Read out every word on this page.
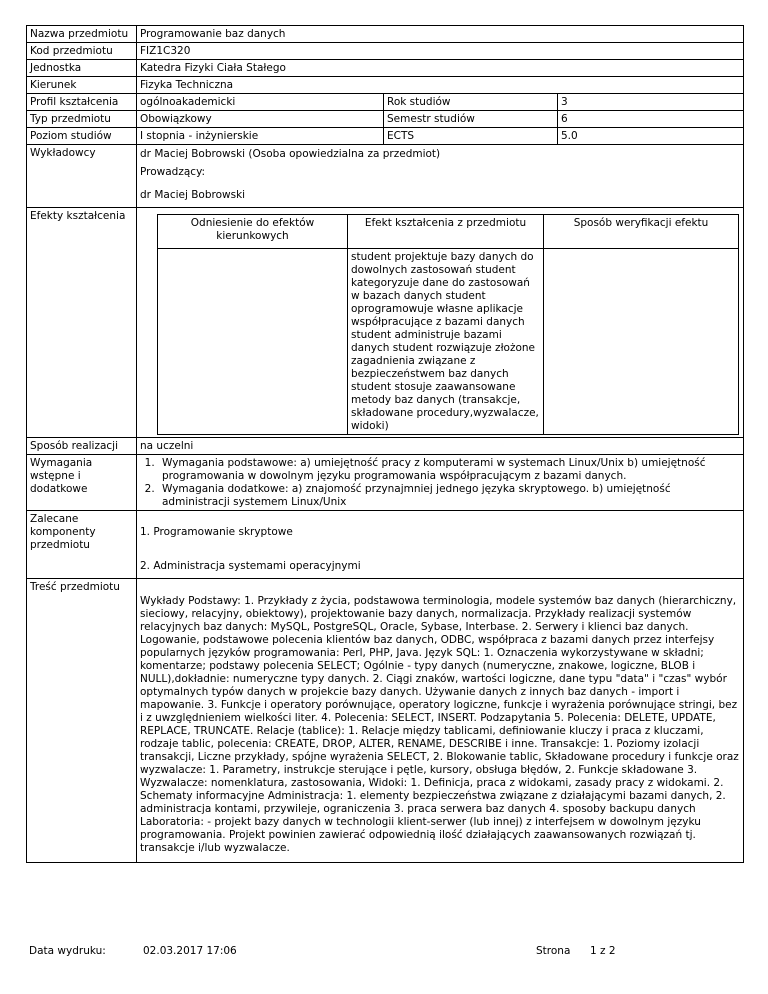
Nazwa przedmiotu	Programowanie baz danych
Kod przedmiotu	FIZ1C320
Jednostka	Katedra Fizyki Ciała Stałego
Kierunek	Fizyka Techniczna
Profil kształcenia	ogólnoakademicki	Rok studiów	3
Typ przedmiotu	Obowiązkowy	Semestr studiów	6
Poziom studiów	I stopnia - inżynierskie	ECTS	5.0
Wykładowcy	dr Maciej Bobrowski (Osoba opowiedzialna za przedmiot)
Prowadzący:
dr Maciej Bobrowski

Efekty kształcenia	
Odniesienie do efektów kierunkowych	Efekt kształcenia z przedmiotu	Sposób weryfikacji efektu
	student projektuje bazy danych do dowolnych zastosowań student kategoryzuje dane do zastosowań w bazach danych student oprogramowuje własne aplikacje współpracujące z bazami danych student administruje bazami danych student rozwiązuje złożone zagadnienia związane z bezpieczeństwem baz danych student stosuje zaawansowane metody baz danych (transakcje, składowane procedury,wyzwalacze, widoki)	

Sposób realizacji	na uczelni
Wymagania wstępne i dodatkowe	
1. Wymagania podstawowe: a) umiejętność pracy z komputerami w systemach Linux/Unix b) umiejętność programowania w dowolnym języku programowania współpracującym z bazami danych.
2. Wymagania dodatkowe: a) znajomość przynajmniej jednego języka skryptowego. b) umiejętność administracji systemem Linux/Unix

Zalecane komponenty przedmiotu	
1. Programowanie skryptowe
2. Administracja systemami operacyjnymi

Treść przedmiotu	
Wykłady Podstawy: 1. Przykłady z życia, podstawowa terminologia, modele systemów baz danych (hierarchiczny, sieciowy, relacyjny, obiektowy), projektowanie bazy danych, normalizacja. Przykłady realizacji systemów relacyjnych baz danych: MySQL, PostgreSQL, Oracle, Sybase, Interbase. 2. Serwery i klienci baz danych. Logowanie, podstawowe polecenia klientów baz danych, ODBC, współpraca z bazami danych przez interfejsy popularnych języków programowania: Perl, PHP, Java. Język SQL: 1. Oznaczenia wykorzystywane w składni; komentarze; podstawy polecenia SELECT; Ogólnie - typy danych (numeryczne, znakowe, logiczne, BLOB i NULL),dokładnie: numeryczne typy danych. 2. Ciągi znaków, wartości logiczne, dane typu "data" i "czas" wybór optymalnych typów danych w projekcie bazy danych. Używanie danych z innych baz danych - import i mapowanie. 3. Funkcje i operatory porównujące, operatory logiczne, funkcje i wyrażenia porównujące stringi, bez i z uwzględnieniem wielkości liter. 4. Polecenia: SELECT, INSERT. Podzapytania 5. Polecenia: DELETE, UPDATE, REPLACE, TRUNCATE. Relacje (tablice): 1. Relacje między tablicami, definiowanie kluczy i praca z kluczami, rodzaje tablic, polecenia: CREATE, DROP, ALTER, RENAME, DESCRIBE i inne. Transakcje: 1. Poziomy izolacji transakcji, Liczne przykłady, spójne wyrażenia SELECT, 2. Blokowanie tablic, Składowane procedury i funkcje oraz wyzwalacze: 1. Parametry, instrukcje sterujące i pętle, kursory, obsługa błędów, 2. Funkcje składowane 3. Wyzwalacze: nomenklatura, zastosowania, Widoki: 1. Definicja, praca z widokami, zasady pracy z widokami. 2. Schematy informacyjne Administracja: 1. elementy bezpieczeństwa związane z działającymi bazami danych, 2. administracja kontami, przywileje, ograniczenia 3. praca serwera baz danych 4. sposoby backupu danych Laboratoria: - projekt bazy danych w technologii klient-serwer (lub innej) z interfejsem w dowolnym języku programowania. Projekt powinien zawierać odpowiednią ilość działających zaawansowanych rozwiązań tj. transakcje i/lub wyzwalacze.
Data wydruku:	02.03.2017 17:06	Strona 1 z 2
